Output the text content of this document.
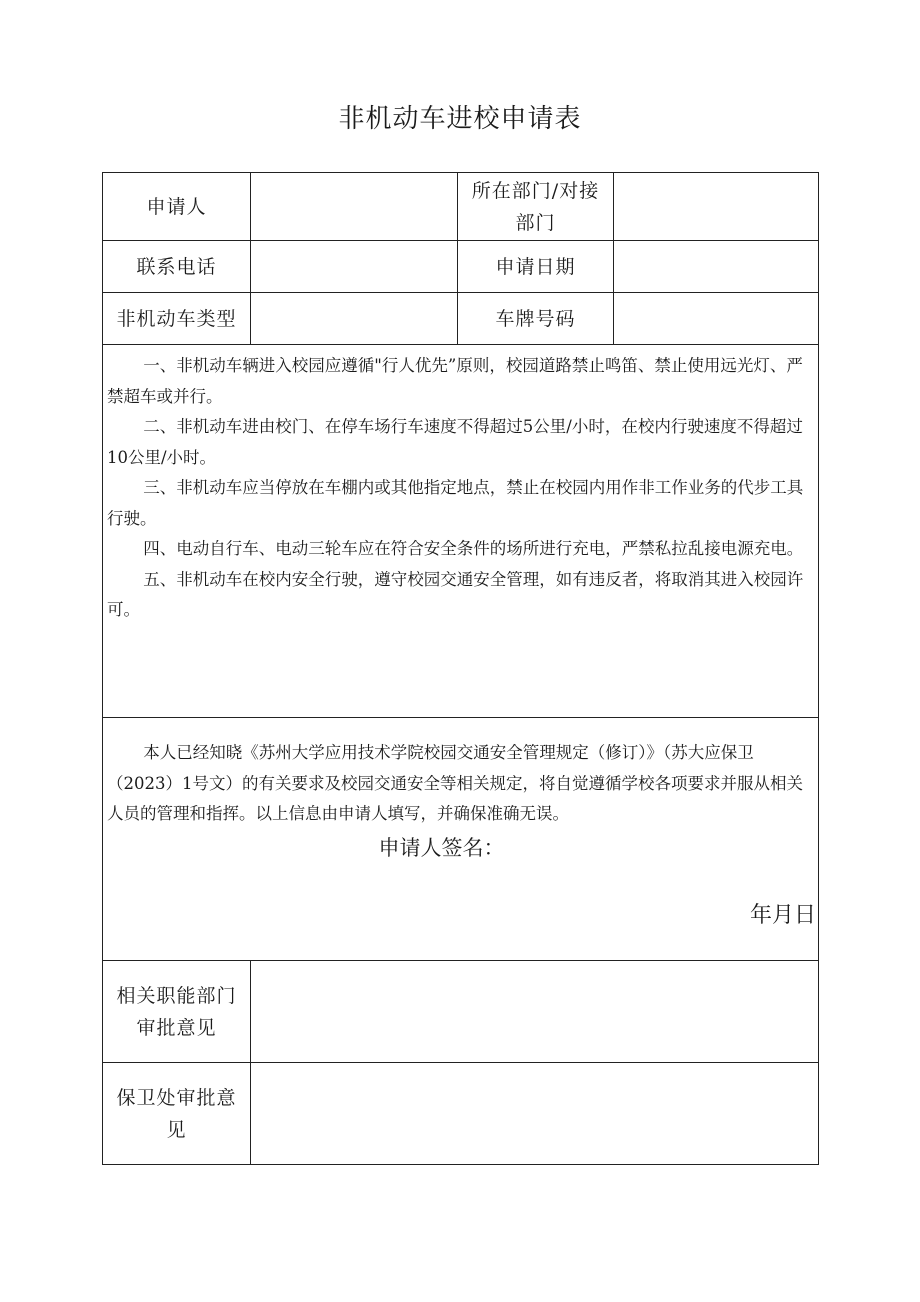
非机动车进校申请表
申请人		所在部门/对接
部门	

联系电话		申请日期	
非机动车类型		车牌号码	

一、非机动车辆进入校园应遵循"行人优先”原则，校园道路禁止鸣笛、禁止使用远光灯、严禁超车或并行。

二、非机动车进由校门、在停车场行车速度不得超过5公里/小时，在校内行驶速度不得超过10公里/小时。

三、非机动车应当停放在车棚内或其他指定地点，禁止在校园内用作非工作业务的代步工具行驶。

四、电动自行车、电动三轮车应在符合安全条件的场所进行充电，严禁私拉乱接电源充电。

五、非机动车在校内安全行驶，遵守校园交通安全管理，如有违反者，将取消其进入校园许可。			

本人已经知晓《苏州大学应用技术学院校园交通安全管理规定（修订）》（苏大应保卫（2023）1号文）的有关要求及校园交通安全等相关规定，将自觉遵循学校各项要求并服从相关人员的管理和指挥。以上信息由申请人填写，并确保准确无误。

申请人签名：
年月日			

相关职能部门
审批意见			

保卫处审批意
见			
